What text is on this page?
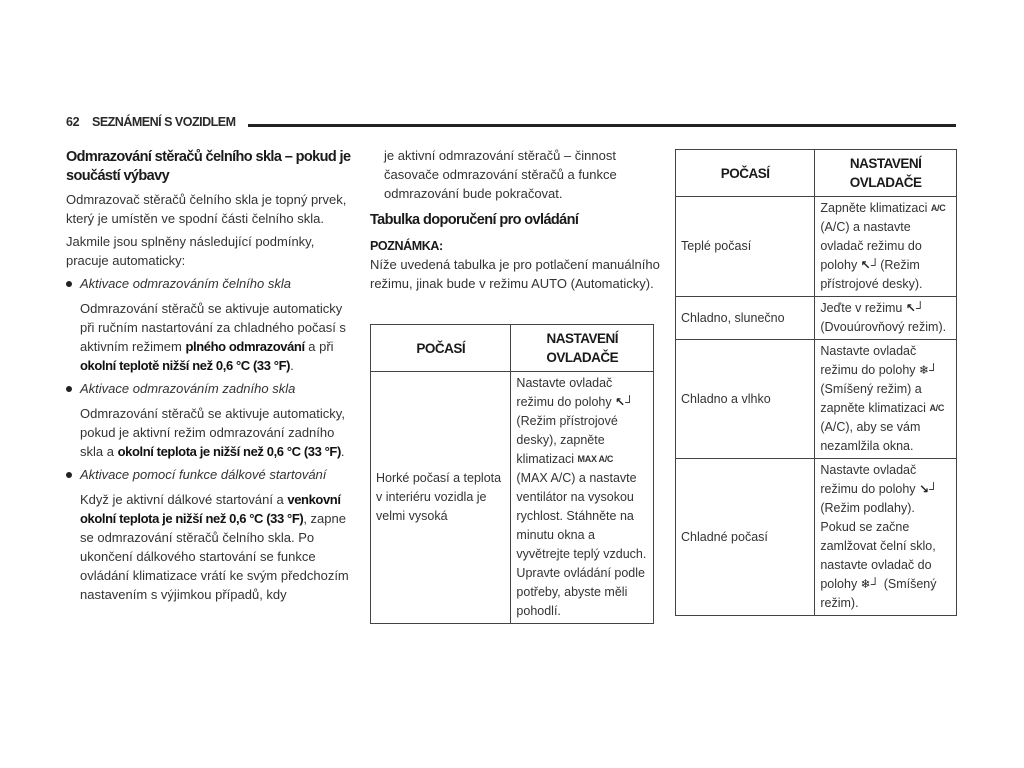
62 SEZNÁMENÍ S VOZIDLEM

Odmrazování stěračů čelního skla – pokud je součástí výbavy

Odmrazovač stěračů čelního skla je topný prvek, který je umístěn ve spodní části čelního skla.

Jakmile jsou splněny následující podmínky, pracuje automaticky:

Aktivace odmrazováním čelního skla

Odmrazování stěračů se aktivuje automaticky při ručním nastartování za chladného počasí s aktivním režimem plného odmrazování a při okolní teplotě nižší než 0,6 °C (33 °F).

Aktivace odmrazováním zadního skla

Odmrazování stěračů se aktivuje automaticky, pokud je aktivní režim odmrazování zadního skla a okolní teplota je nižší než 0,6 °C (33 °F).

Aktivace pomocí funkce dálkové startování

Když je aktivní dálkové startování a venkovní okolní teplota je nižší než 0,6 °C (33 °F), zapne se odmrazování stěračů čelního skla. Po ukončení dálkového startování se funkce ovládání klimatizace vrátí ke svým předchozím nastavením s výjimkou případů, kdy

je aktivní odmrazování stěračů – činnost časovače odmrazování stěračů a funkce odmrazování bude pokračovat.

Tabulka doporučení pro ovládání

POZNÁMKA:

Níže uvedená tabulka je pro potlačení manuálního režimu, jinak bude v režimu AUTO (Automaticky).

POČASÍ	NASTAVENÍ OVLADAČE
Horké počasí a teplota v interiéru vozidla je velmi vysoká	Nastavte ovladač režimu do polohy ↖┘(Režim přístrojové desky), zapněte klimatizaci MAX A/C (MAX A/C) a nastavte ventilátor na vysokou rychlost. Stáhněte na minutu okna a vyvětrejte teplý vzduch. Upravte ovládání podle potřeby, abyste měli pohodlí.
POČASÍ	NASTAVENÍ OVLADAČE
Teplé počasí	Zapněte klimatizaci A/C (A/C) a nastavte ovladač režimu do polohy ↖┘(Režim přístrojové desky).
Chladno, slunečno	Jeďte v režimu ↖┘ (Dvouúrovňový režim).
Chladno a vlhko	Nastavte ovladač režimu do polohy ❄┘(Smíšený režim) a zapněte klimatizaci A/C (A/C), aby se vám nezamlžila okna.
Chladné počasí	Nastavte ovladač režimu do polohy ↘┘(Režim podlahy). Pokud se začne zamlžovat čelní sklo, nastavte ovladač do polohy ❄┘ (Smíšený režim).
